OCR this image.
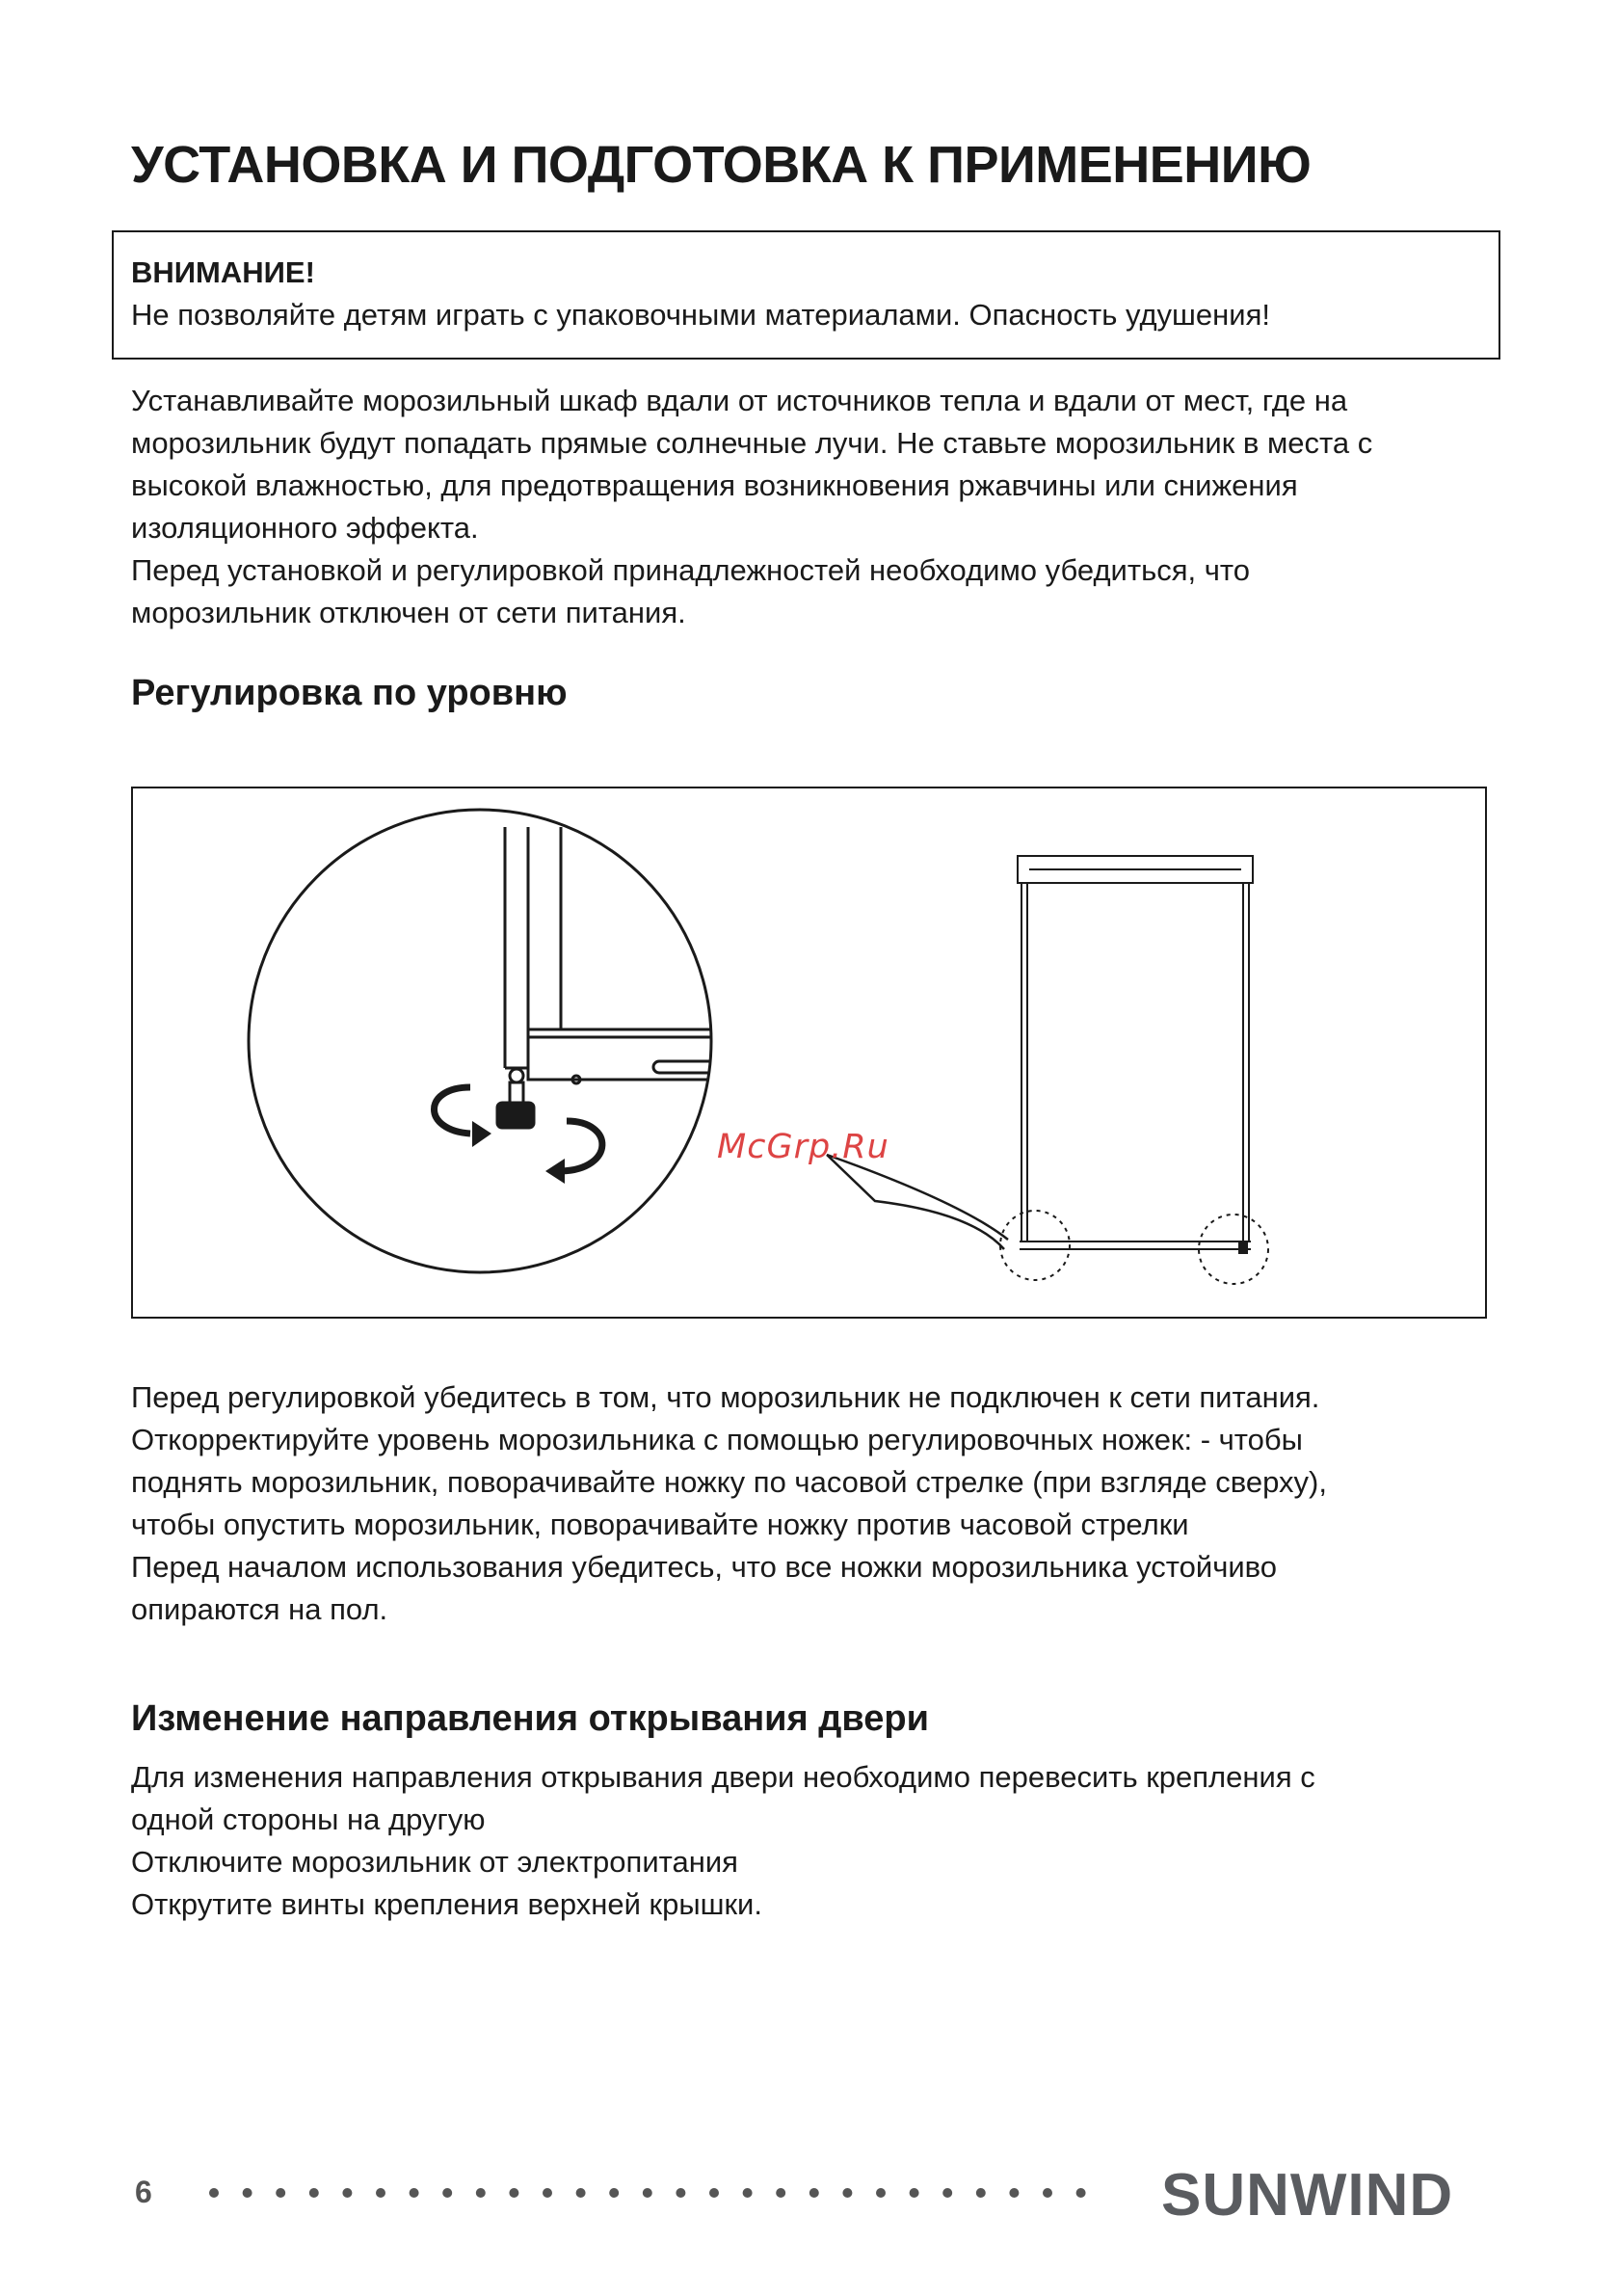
УСТАНОВКА И ПОДГОТОВКА К ПРИМЕНЕНИЮ
ВНИМАНИЕ!
Не позволяйте детям играть с упаковочными материалами. Опасность удушения!

Устанавливайте морозильный шкаф вдали от источников тепла и вдали от мест, где на
морозильник будут попадать прямые солнечные лучи. Не ставьте морозильник в места с
высокой влажностью, для предотвращения возникновения ржавчины или снижения
изоляционного эффекта.
Перед установкой и регулировкой принадлежностей необходимо убедиться, что
морозильник отключен от сети питания.

Регулировка по уровню
McGrp.Ru

Перед регулировкой убедитесь в том, что морозильник не подключен к сети питания.
Откорректируйте уровень морозильника с помощью регулировочных ножек: - чтобы
поднять морозильник, поворачивайте ножку по часовой стрелке (при взгляде сверху),
чтобы опустить морозильник, поворачивайте ножку против часовой стрелки
Перед началом использования убедитесь, что все ножки морозильника устойчиво
опираются на пол.

Изменение направления открывания двери

Для изменения направления открывания двери необходимо перевесить крепления с
одной стороны на другую
Отключите морозильник от электропитания
Открутите винты крепления верхней крышки.

6	SUNWIND
